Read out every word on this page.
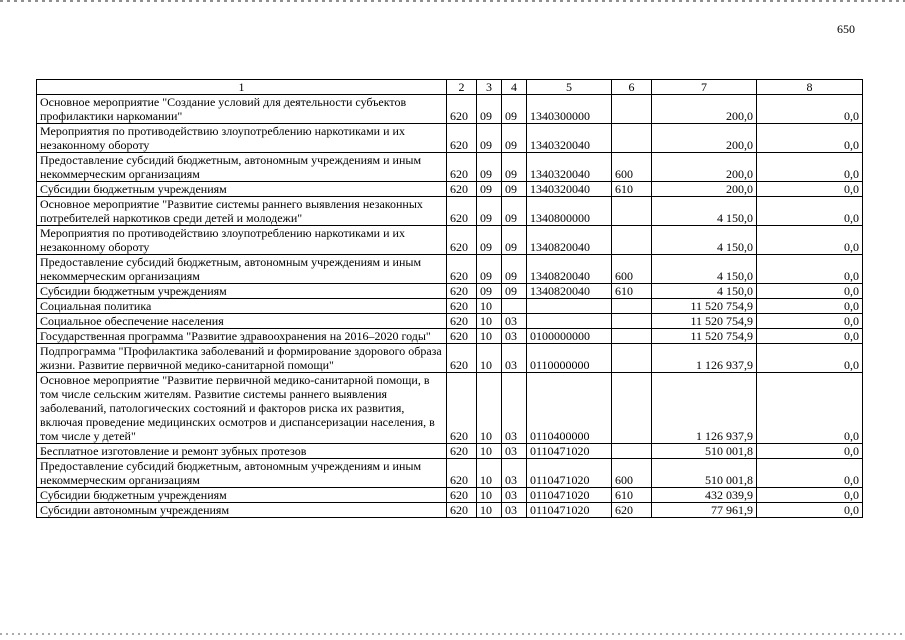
650
1	2	3	4	5	6	7	8
Основное мероприятие "Создание условий для деятельности субъектов профилактики наркомании"	620	09	09	1340300000		200,0	0,0
Мероприятия по противодействию злоупотреблению наркотиками и их незаконному обороту	620	09	09	1340320040		200,0	0,0
Предоставление субсидий бюджетным, автономным учреждениям и иным некоммерческим организациям	620	09	09	1340320040	600	200,0	0,0
Субсидии бюджетным учреждениям	620	09	09	1340320040	610	200,0	0,0
Основное мероприятие "Развитие системы раннего выявления незаконных потребителей наркотиков среди детей и молодежи"	620	09	09	1340800000		4 150,0	0,0
Мероприятия по противодействию злоупотреблению наркотиками и их незаконному обороту	620	09	09	1340820040		4 150,0	0,0
Предоставление субсидий бюджетным, автономным учреждениям и иным некоммерческим организациям	620	09	09	1340820040	600	4 150,0	0,0
Субсидии бюджетным учреждениям	620	09	09	1340820040	610	4 150,0	0,0
Социальная политика	620	10				11 520 754,9	0,0
Социальное обеспечение населения	620	10	03			11 520 754,9	0,0
Государственная программа "Развитие здравоохранения на 2016–2020 годы"	620	10	03	0100000000		11 520 754,9	0,0
Подпрограмма "Профилактика заболеваний и формирование здорового образа жизни. Развитие первичной медико-санитарной помощи"	620	10	03	0110000000		1 126 937,9	0,0
Основное мероприятие "Развитие первичной медико-санитарной помощи, в том числе сельским жителям. Развитие системы раннего выявления заболеваний, патологических состояний и факторов риска их развития, включая проведение медицинских осмотров и диспансеризации населения, в том числе у детей"	620	10	03	0110400000		1 126 937,9	0,0
Бесплатное изготовление и ремонт зубных протезов	620	10	03	0110471020		510 001,8	0,0
Предоставление субсидий бюджетным, автономным учреждениям и иным некоммерческим организациям	620	10	03	0110471020	600	510 001,8	0,0
Субсидии бюджетным учреждениям	620	10	03	0110471020	610	432 039,9	0,0
Субсидии автономным учреждениям	620	10	03	0110471020	620	77 961,9	0,0
